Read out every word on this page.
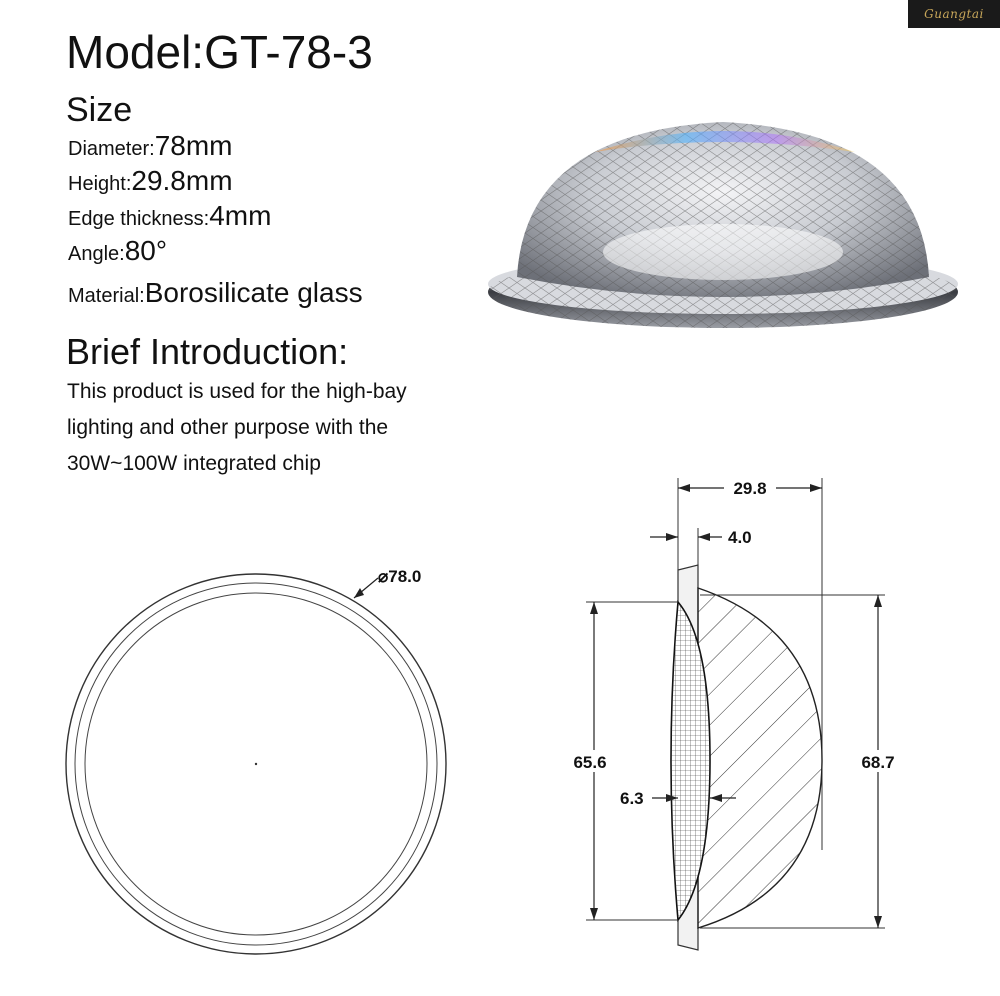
Guangtai
Model:GT-78-3
Size
Diameter:78mm
Height:29.8mm
Edge thickness:4mm
Angle:80°
Material:Borosilicate glass
Brief Introduction:
This product is used for the high-bay
lighting and other purpose with the
30W~100W integrated chip
⌀78.0
29.8
4.0
65.6	68.7
6.3
